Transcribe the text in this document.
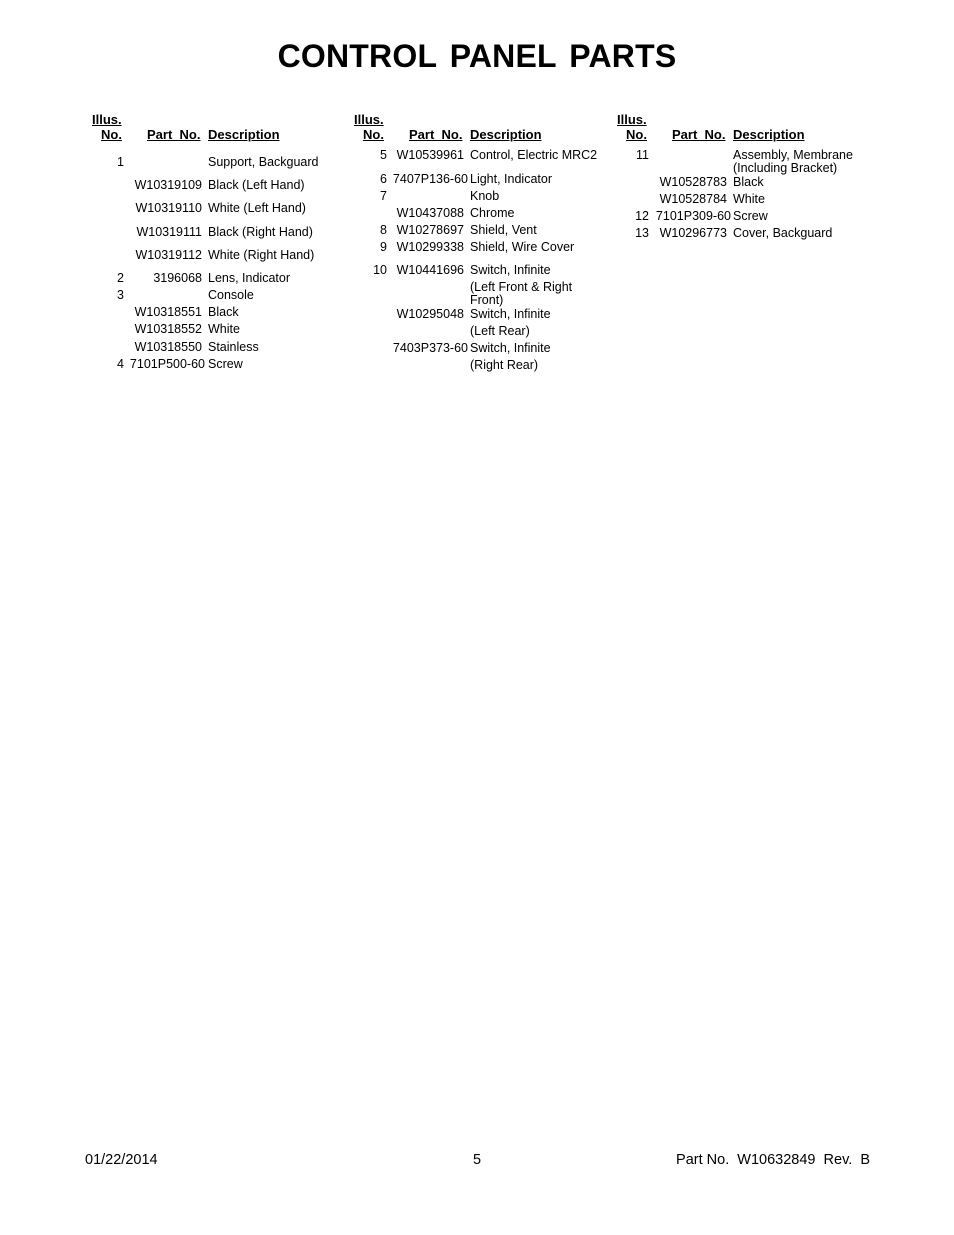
CONTROL PANEL PARTS
Illus.
No. Part  No. Description
1	Support, Backguard
W10319109 Black (Left Hand)
W10319110 White (Left Hand)
W10319111 Black (Right Hand)
W10319112 White (Right Hand)
2	3196068 Lens, Indicator
3	Console
W10318551 Black
W10318552 White
W10318550 Stainless
4 7101P500-60 Screw
Illus.
No. Part  No. Description
5 W10539961 Control, Electric MRC2
6 7407P136-60 Light, Indicator
7	Knob
W10437088 Chrome
8 W10278697 Shield, Vent
9 W10299338 Shield, Wire Cover
10 W10441696 Switch, Infinite
(Left Front & Right Front)
W10295048 Switch, Infinite
(Left Rear)
7403P373-60 Switch, Infinite
(Right Rear)
Illus.
No. Part  No. Description
11	Assembly, Membrane (Including Bracket)
W10528783 Black
W10528784 White
12 7101P309-60 Screw
13 W10296773 Cover, Backguard
01/22/2014	5	Part No.  W10632849  Rev.  B
